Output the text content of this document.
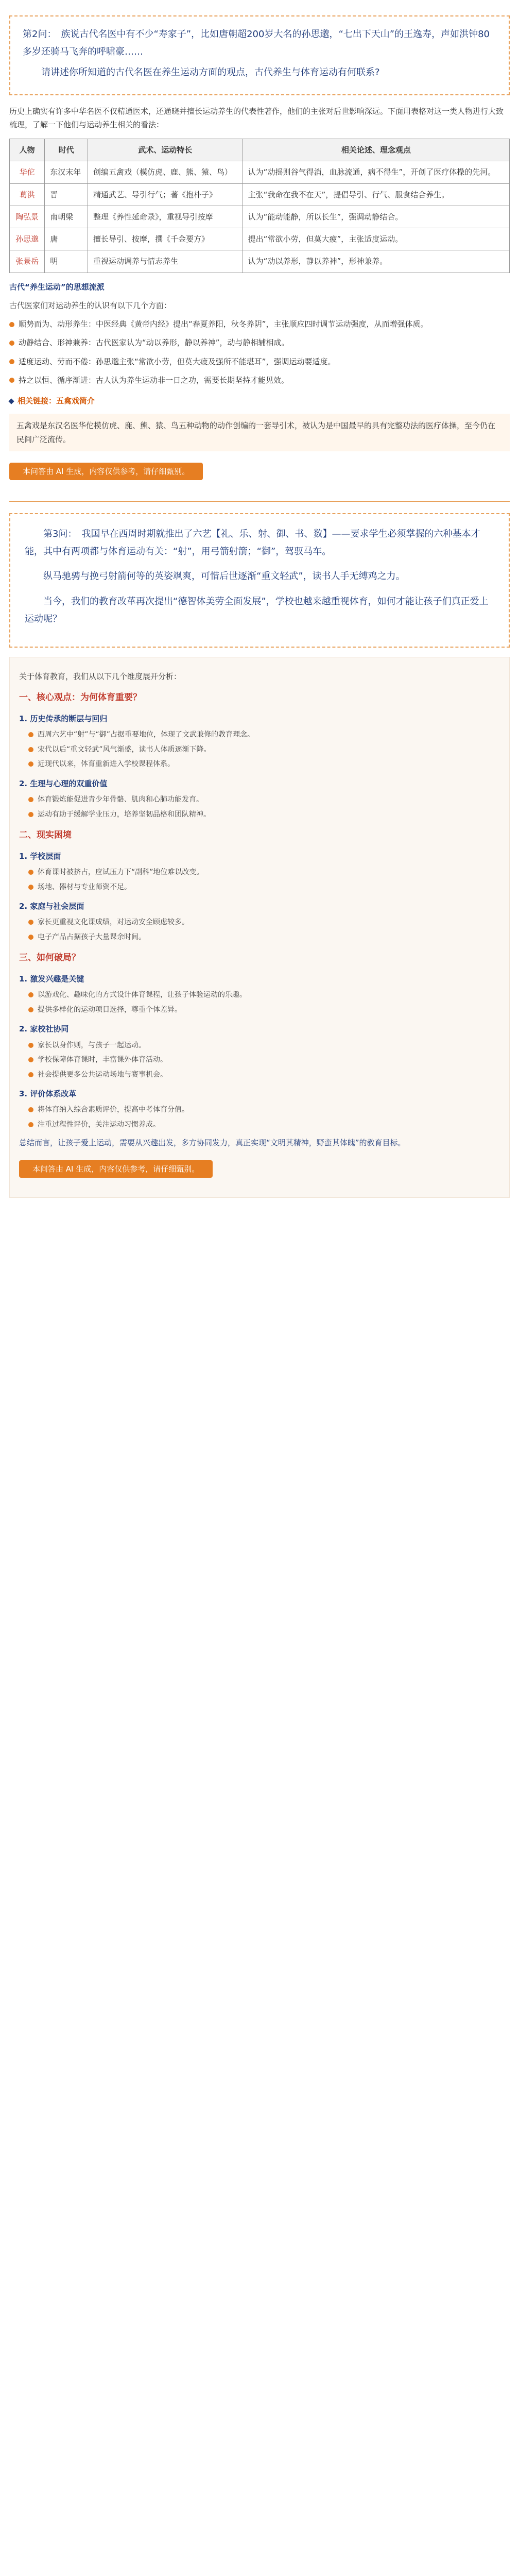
第2问：　族说古代名医中有不少“寿家子”，比如唐朝超200岁大名的孙思邈，“七出下天山”的王逸寿，声如洪钟80多岁还骑马飞奔的呼啸豪……

请讲述你所知道的古代名医在养生运动方面的观点，古代养生与体育运动有何联系?

历史上确实有许多中华名医不仅精通医术，还通晓并擅长运动养生的代表性著作，他们的主张对后世影响深远。下面用表格对这一类人物进行大致梳理，了解一下他们与运动养生相关的看法：

人物	时代	武术、运动特长	相关论述、理念观点
华佗	东汉末年	创编五禽戏（模仿虎、鹿、熊、猿、鸟）	认为“动摇则谷气得消，血脉流通，病不得生”，开创了医疗体操的先河。
葛洪	晋	精通武艺、导引行气；著《抱朴子》	主张“我命在我不在天”，提倡导引、行气、服食结合养生。
陶弘景	南朝梁	整理《养性延命录》，重视导引按摩	认为“能动能静，所以长生”，强调动静结合。
孙思邈	唐	擅长导引、按摩，撰《千金要方》	提出“常欲小劳，但莫大疲”，主张适度运动。
张景岳	明	重视运动调养与情志养生	认为“动以养形，静以养神”，形神兼养。
古代“养生运动”的思想流派

古代医家们对运动养生的认识有以下几个方面：

顺势而为、动形养生：中医经典《黄帝内经》提出“春夏养阳，秋冬养阴”，主张顺应四时调节运动强度，从而增强体质。

动静结合、形神兼养：古代医家认为“动以养形，静以养神”，动与静相辅相成。

适度运动、劳而不倦：孙思邈主张“常欲小劳，但莫大疲及强所不能堪耳”，强调运动要适度。

持之以恒、循序渐进：古人认为养生运动非一日之功，需要长期坚持才能见效。

相关链接：五禽戏简介
五禽戏是东汉名医华佗模仿虎、鹿、熊、猿、鸟五种动物的动作创编的一套导引术，被认为是中国最早的具有完整功法的医疗体操，至今仍在民间广泛流传。
本问答由 AI 生成，内容仅供参考，请仔细甄别。

第3问：　我国早在西周时期就推出了六艺【礼、乐、射、御、书、数】——要求学生必须掌握的六种基本才能，其中有两项都与体育运动有关：“射”，用弓箭射箭；“御”，驾驭马车。

纵马驰骋与挽弓射箭何等的英姿飒爽，可惜后世逐渐“重文轻武”，读书人手无缚鸡之力。

当今，我们的教育改革再次提出“德智体美劳全面发展”，学校也越来越重视体育，如何才能让孩子们真正爱上运动呢？

关于体育教育，我们从以下几个维度展开分析：

一、核心观点：为何体育重要？
1. 历史传承的断层与回归
西周六艺中“射”与“御”占据重要地位，体现了文武兼修的教育理念。
宋代以后“重文轻武”风气渐盛，读书人体质逐渐下降。
近现代以来，体育重新进入学校课程体系。
2. 生理与心理的双重价值
体育锻炼能促进青少年骨骼、肌肉和心肺功能发育。
运动有助于缓解学业压力，培养坚韧品格和团队精神。
二、现实困境
1. 学校层面
体育课时被挤占，应试压力下“副科”地位难以改变。
场地、器材与专业师资不足。
2. 家庭与社会层面
家长更重视文化课成绩，对运动安全顾虑较多。
电子产品占据孩子大量课余时间。
三、如何破局？
1. 激发兴趣是关键
以游戏化、趣味化的方式设计体育课程，让孩子体验运动的乐趣。
提供多样化的运动项目选择，尊重个体差异。
2. 家校社协同
家长以身作则，与孩子一起运动。
学校保障体育课时，丰富课外体育活动。
社会提供更多公共运动场地与赛事机会。
3. 评价体系改革
将体育纳入综合素质评价，提高中考体育分值。
注重过程性评价，关注运动习惯养成。

总结而言，让孩子爱上运动，需要从兴趣出发，多方协同发力，真正实现“文明其精神，野蛮其体魄”的教育目标。

本问答由 AI 生成，内容仅供参考，请仔细甄别。
